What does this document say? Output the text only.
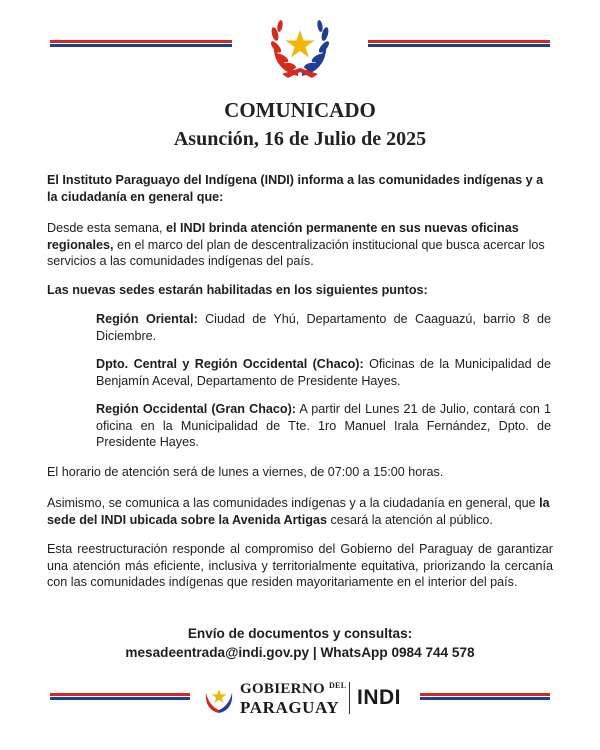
COMUNICADO
Asunción, 16 de Julio de 2025

El Instituto Paraguayo del Indígena (INDI) informa a las comunidades indígenas y a la ciudadanía en general que:

Desde esta semana, el INDI brinda atención permanente en sus nuevas oficinas regionales, en el marco del plan de descentralización institucional que busca acercar los servicios a las comunidades indígenas del país.

Las nuevas sedes estarán habilitadas en los siguientes puntos:

Región Oriental: Ciudad de Yhú, Departamento de Caaguazú, barrio 8 de Diciembre.

Dpto. Central y Región Occidental (Chaco): Oficinas de la Municipalidad de Benjamín Aceval, Departamento de Presidente Hayes.

Región Occidental (Gran Chaco): A partir del Lunes 21 de Julio, contará con 1 oficina en la Municipalidad de Tte. 1ro Manuel Irala Fernández, Dpto. de Presidente Hayes.

El horario de atención será de lunes a viernes, de 07:00 a 15:00 horas.

Asimismo, se comunica a las comunidades indígenas y a la ciudadanía en general, que la sede del INDI ubicada sobre la Avenida Artigas cesará la atención al público.

Esta reestructuración responde al compromiso del Gobierno del Paraguay de garantizar una atención más eficiente, inclusiva y territorialmente equitativa, priorizando la cercanía con las comunidades indígenas que residen mayoritariamente en el interior del país.

Envío de documentos y consultas:
mesadeentrada@indi.gov.py | WhatsApp 0984 744 578
GOBIERNO $^{DEL}$
PARAGUAY INDI
